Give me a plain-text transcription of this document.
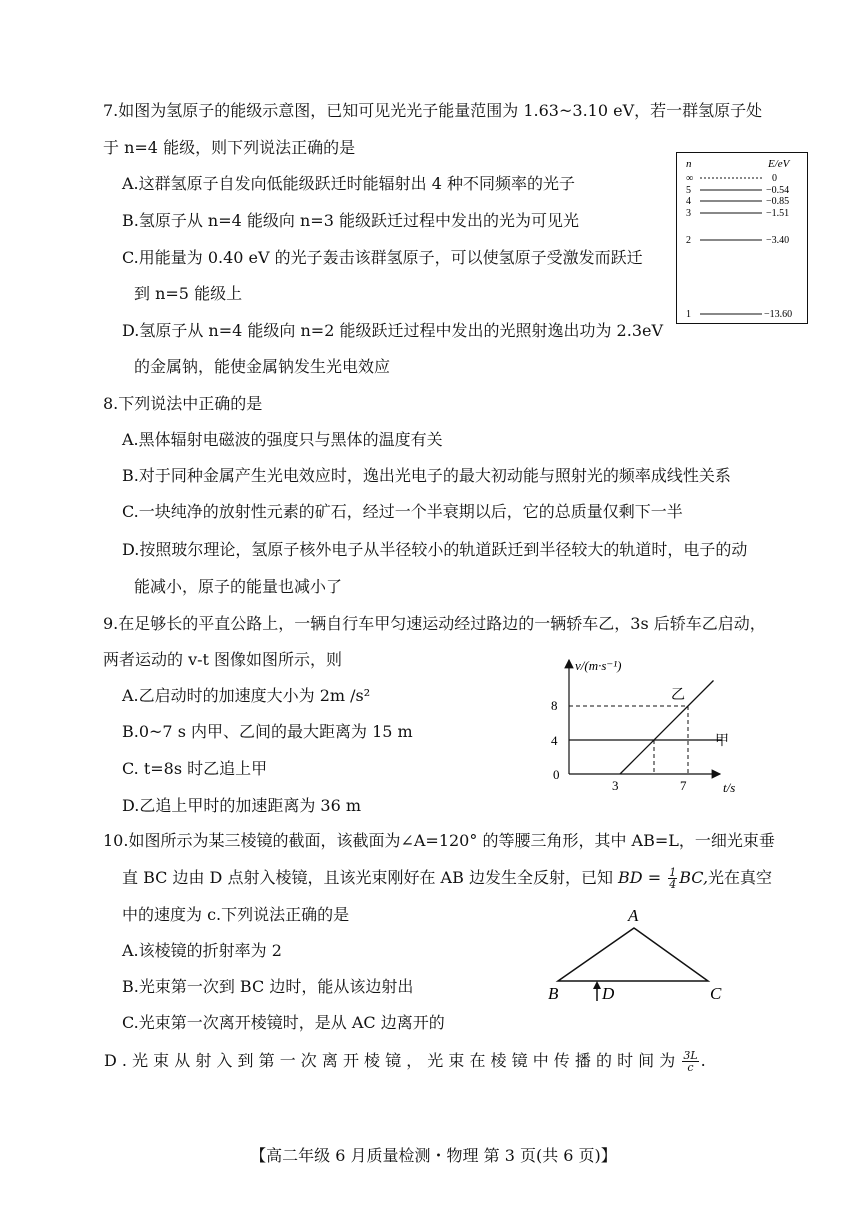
7.如图为氢原子的能级示意图，已知可见光光子能量范围为 1.63~3.10 eV，若一群氢原子处
于 n=4 能级，则下列说法正确的是
A.这群氢原子自发向低能级跃迁时能辐射出 4 种不同频率的光子
B.氢原子从 n=4 能级向 n=3 能级跃迁过程中发出的光为可见光
C.用能量为 0.40 eV 的光子轰击该群氢原子，可以使氢原子受激发而跃迁
到 n=5 能级上
D.氢原子从 n=4 能级向 n=2 能级跃迁过程中发出的光照射逸出功为 2.3eV
的金属钠，能使金属钠发生光电效应
n	E/eV
∞	0
5	−0.54
4	−0.85
3	−1.51
2	−3.40
1	−13.60
8.下列说法中正确的是
A.黑体辐射电磁波的强度只与黑体的温度有关
B.对于同种金属产生光电效应时，逸出光电子的最大初动能与照射光的频率成线性关系
C.一块纯净的放射性元素的矿石，经过一个半衰期以后，它的总质量仅剩下一半
D.按照玻尔理论，氢原子核外电子从半径较小的轨道跃迁到半径较大的轨道时，电子的动
能减小，原子的能量也减小了
9.在足够长的平直公路上，一辆自行车甲匀速运动经过路边的一辆轿车乙，3s 后轿车乙启动，
两者运动的 v-t 图像如图所示，则
A.乙启动时的加速度大小为 2m /s²
B.0~7 s 内甲、乙间的最大距离为 15 m
C. t=8s 时乙追上甲
D.乙追上甲时的加速距离为 36 m
v/(m·s⁻¹)
t/s
0
8
4
3	7
乙
甲
10.如图所示为某三棱镜的截面，该截面为∠A=120° 的等腰三角形，其中 AB=L，一细光束垂
直 BC 边由 D 点射入棱镜，且该光束刚好在 AB 边发生全反射，已知 BD = $\frac{1}{4}$ BC,光在真空
中的速度为 c.下列说法正确的是
A.该棱镜的折射率为 2
B.光束第一次到 BC 边时，能从该边射出
C.光束第一次离开棱镜时，是从 AC 边离开的
D . 光 束 从 射 入 到 第 一 次 离 开 棱 镜 ， 光 束 在 棱 镜 中 传 播 的 时 间 为 $\frac{3L}{c}$ .
A
B	C
D
【高二年级 6 月质量检测・物理 第 3 页(共 6 页)】
